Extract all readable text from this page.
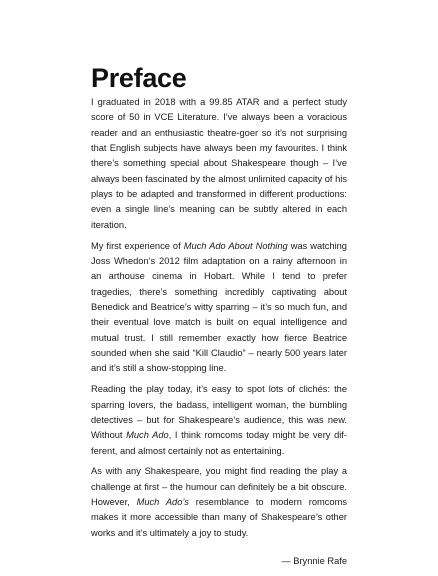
Preface

I graduated in 2018 with a 99.85 ATAR and a perfect study score of 50 in VCE Literature. I’ve always been a voracious reader and an enthusiastic theatre-goer so it’s not surprising that English subjects have always been my favourites. I think there’s something special about Shakespeare though – I’ve always been fascinated by the almost unlimited capacity of his plays to be adapted and transformed in different productions: even a single line’s meaning can be subtly altered in each iteration.

My first experience of Much Ado About Nothing was watching Joss Whedon’s 2012 film adaptation on a rainy afternoon in an arthouse cinema in Hobart. While I tend to prefer tragedies, there’s something incredibly captivating about Benedick and Beatrice’s witty sparring – it’s so much fun, and their eventual love match is built on equal intelligence and mutual trust. I still remember exactly how fierce Beatrice sounded when she said “Kill Claudio” – nearly 500 years later and it’s still a show-stopping line.

Reading the play today, it’s easy to spot lots of clichés: the sparring lovers, the badass, intelligent woman, the bumbling detectives – but for Shakespeare’s audience, this was new. Without Much Ado, I think romcoms today might be very different, and almost certainly not as entertaining.

As with any Shakespeare, you might find reading the play a challenge at first – the humour can definitely be a bit obscure. However, Much Ado’s resemblance to modern romcoms makes it more accessible than many of Shakespeare’s other works and it’s ultimately a joy to study.

— Brynnie Rafe
